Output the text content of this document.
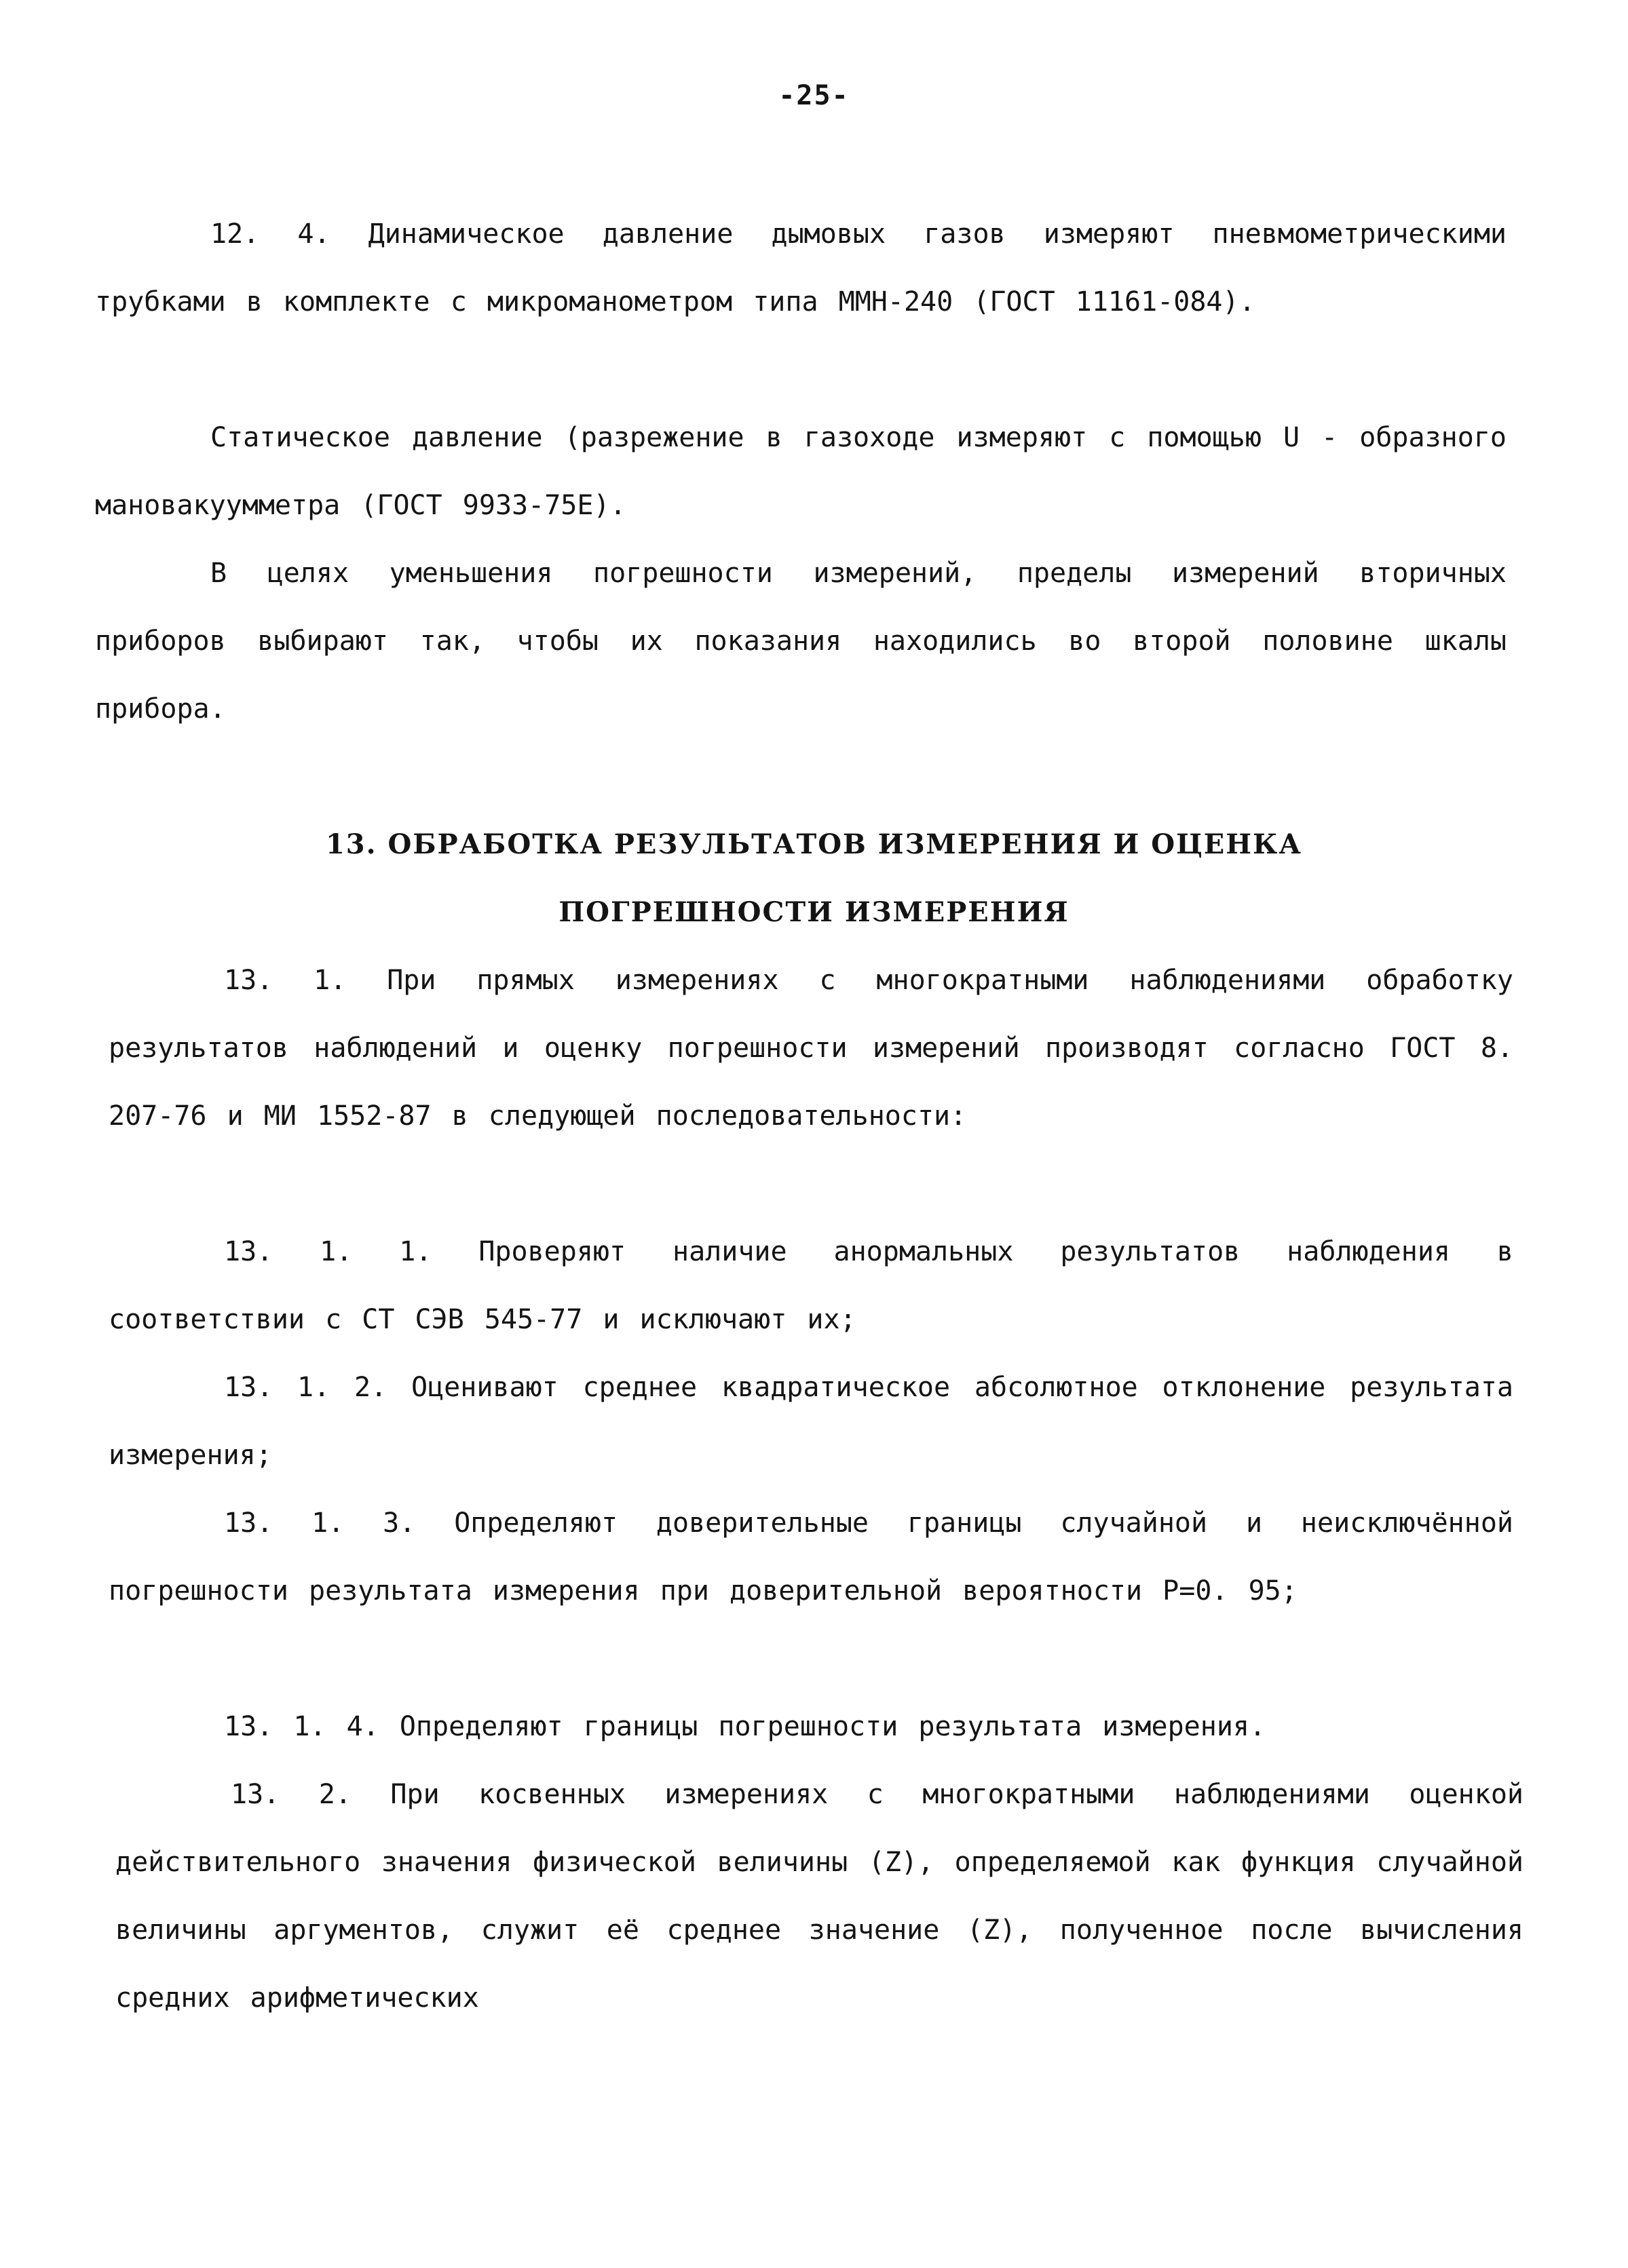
-25-

12. 4. Динамическое давление дымовых газов измеряют пневмометрическими трубками в комплекте с микроманометром типа ММН-240 (ГОСТ 11161-084).

Статическое давление (разрежение в газоходе измеряют с помощью U - образного мановакуумметра (ГОСТ 9933-75Е).

В целях уменьшения погрешности измерений, пределы измерений вторичных приборов выбирают так, чтобы их показания находились во второй половине шкалы прибора.

13. ОБРАБОТКА РЕЗУЛЬТАТОВ ИЗМЕРЕНИЯ И ОЦЕНКА
ПОГРЕШНОСТИ ИЗМЕРЕНИЯ

13. 1. При прямых измерениях с многократными наблюдениями обработку результатов наблюдений и оценку погрешности измерений производят согласно ГОСТ 8. 207-76 и МИ 1552-87 в следующей последовательности:

13. 1. 1. Проверяют наличие анормальных результатов наблюдения в соответствии с СТ СЭВ 545-77 и исключают их;

13. 1. 2. Оценивают среднее квадратическое абсолютное отклонение результата измерения;

13. 1. 3. Определяют доверительные границы случайной и неисключённой погрешности результата измерения при доверительной вероятности Р=0. 95;

13. 1. 4. Определяют границы погрешности результата измерения.

13. 2. При косвенных измерениях с многократными наблюдениями оценкой действительного значения физической величины (Z), определяемой как функция случайной величины аргументов, служит её среднее значение (Z), полученное после вычисления средних арифметических
